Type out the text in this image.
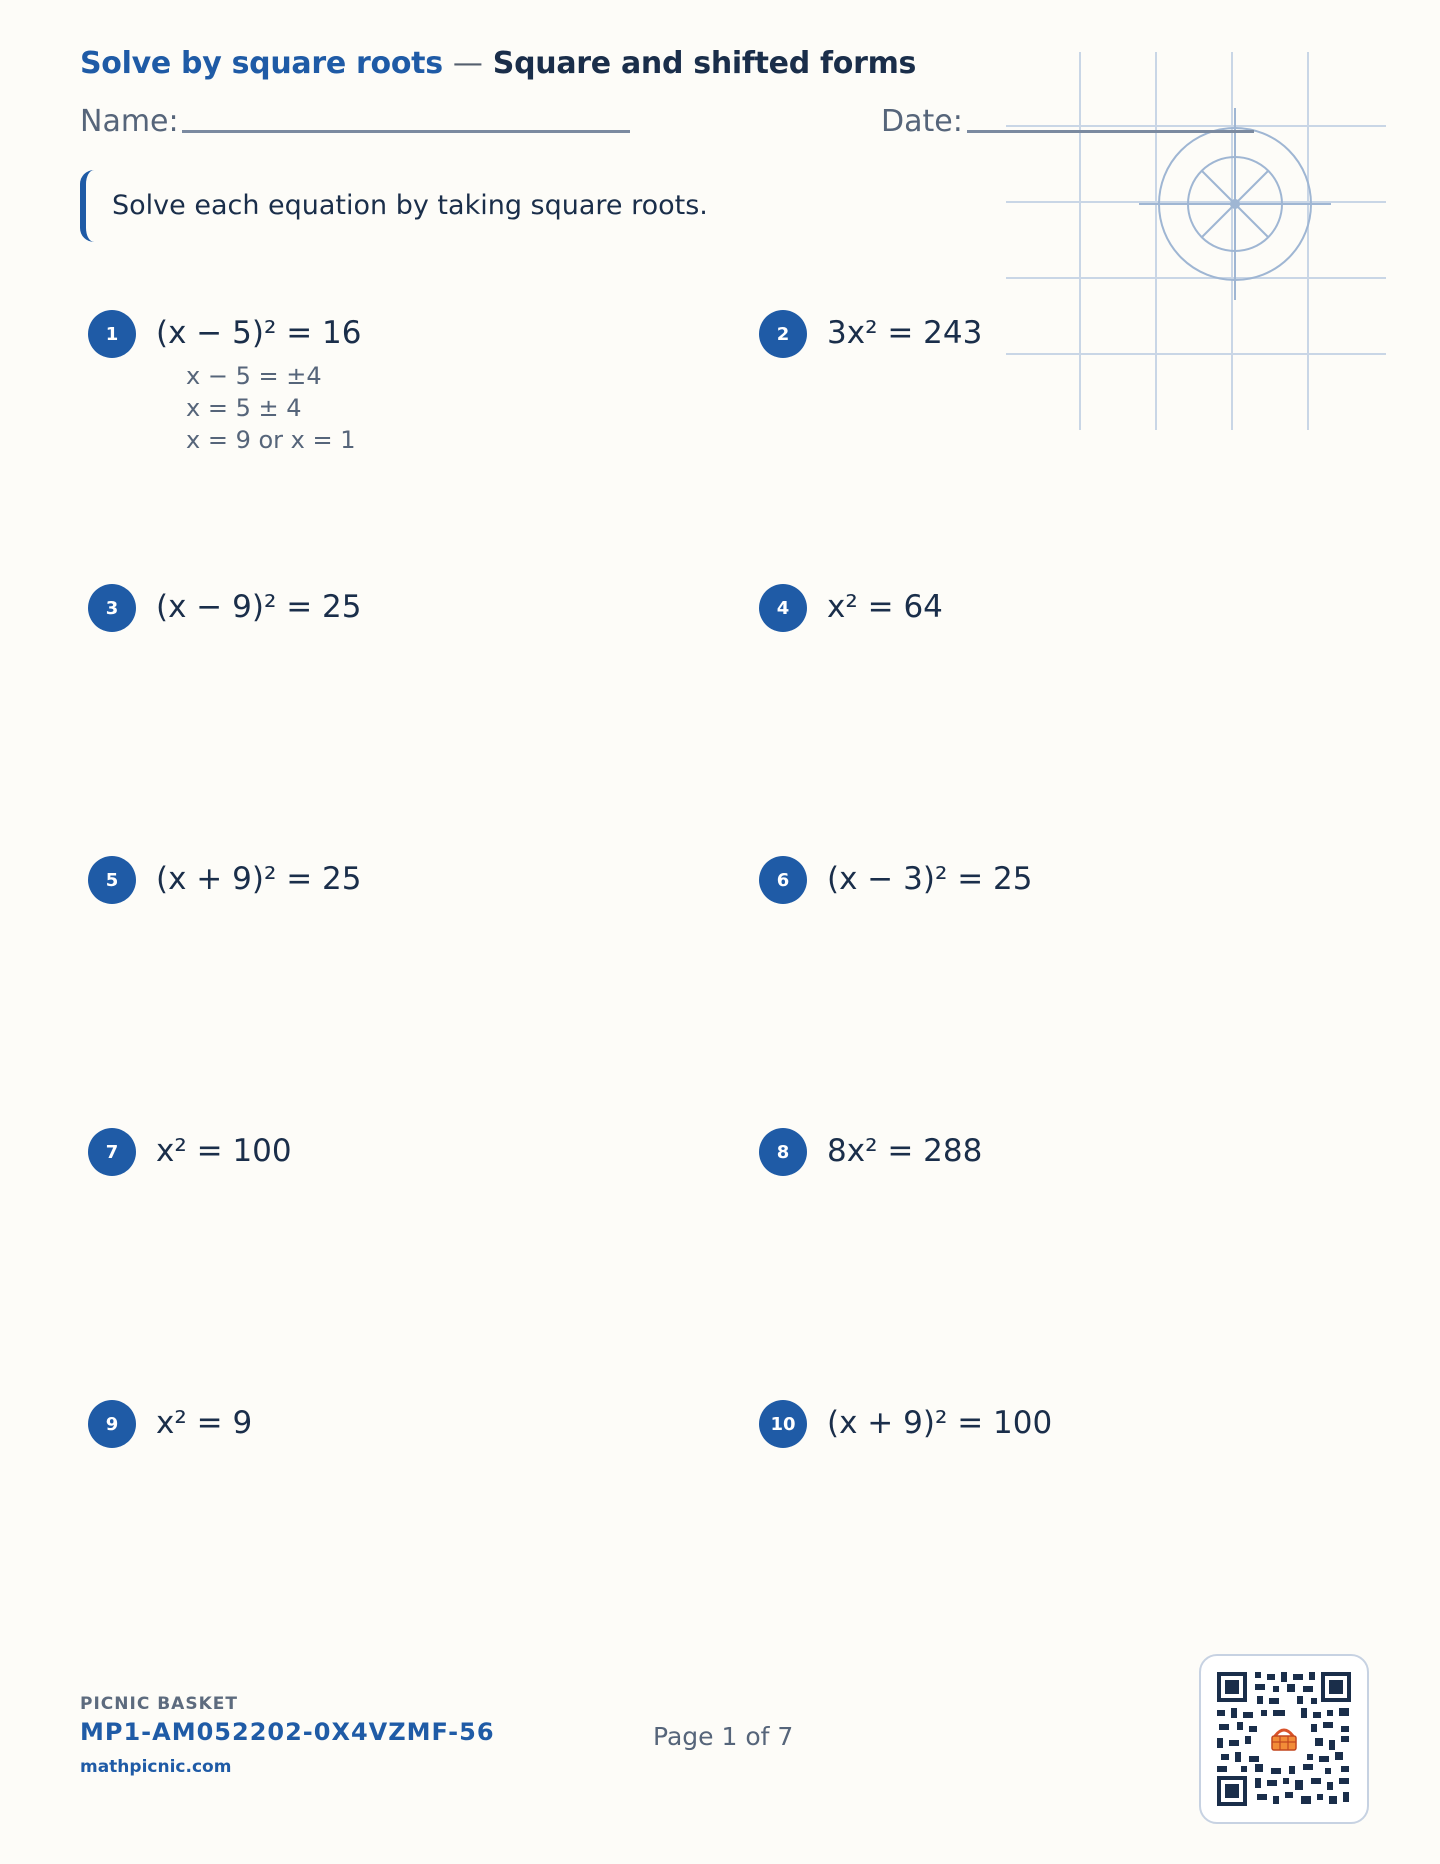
Solve by square roots — Square and shifted forms
Name:	Date:
Solve each equation by taking square roots.
1	(x − 5)² = 16
x − 5 = ±4
x = 5 ± 4
x = 9 or x = 1
2	3x² = 243
3	(x − 9)² = 25	4	x² = 64
5	(x + 9)² = 25	6	(x − 3)² = 25
7	x² = 100	8	8x² = 288
9	x² = 9	10	(x + 9)² = 100
PICNIC BASKET
MP1-AM052202-0X4VZMF-56
mathpicnic.com
Page 1 of 7
